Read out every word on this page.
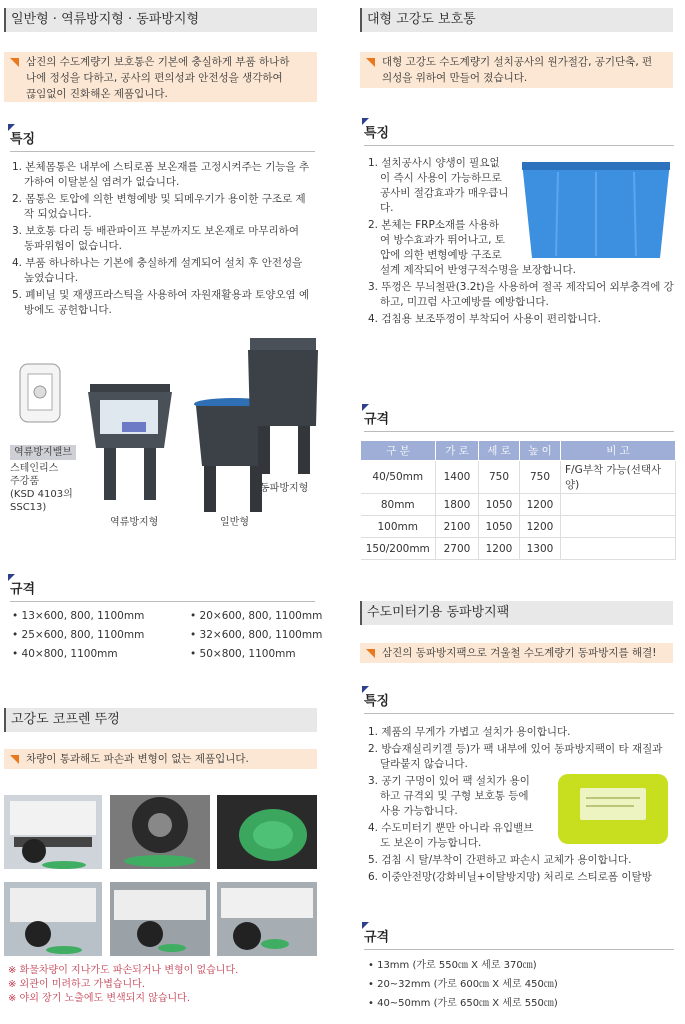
일반형 · 역류방지형 · 동파방지형
삼진의 수도계량기 보호통은 기본에 충실하게 부품 하나하
나에 정성을 다하고, 공사의 편의성과 안전성을 생각하여
끊임없이 진화해온 제품입니다.
특징
1. 본체몸통은 내부에 스티로폼 보온재를 고정시켜주는 기능을 추
가하여 이탈분실 염려가 없습니다.
2. 몸통은 토압에 의한 변형예방 및 되메우기가 용이한 구조로 제
작 되었습니다.
3. 보호통 다리 등 배관파이프 부분까지도 보온재로 마무리하여
동파위험이 없습니다.
4. 부품 하나하나는 기본에 충실하게 설계되어 설치 후 안전성을
높였습니다.
5. 폐비닐 및 재생프라스틱을 사용하여 자원재활용과 토양오염 예
방에도 공헌합니다.
역류방지밸브
스테인리스
주강품
(KSD 4103의
SSC13)
역류방지형	일반형
동파방지형
규격
• 13×600, 800, 1100mm
• 25×600, 800, 1100mm
• 40×800, 1100mm
• 20×600, 800, 1100mm
• 32×600, 800, 1100mm
• 50×800, 1100mm
고강도 코프렌 뚜껑
차량이 통과해도 파손과 변형이 없는 제품입니다.
※ 화물차량이 지나가도 파손되거나 변형이 없습니다.
※ 외관이 미려하고 가볍습니다.
※ 야외 장기 노출에도 변색되지 않습니다.
대형 고강도 보호통
대형 고강도 수도계량기 설치공사의 원가절감, 공기단축, 편
의성을 위하여 만들어 졌습니다.
특징
1. 설치공사시 양생이 필요없
이 즉시 사용이 가능하므로
공사비 절감효과가 매우큽니
다.
2. 본체는 FRP소재를 사용하
여 방수효과가 뛰어나고, 토
압에 의한 변형예방 구조로
설계 제작되어 반영구적수명을 보장합니다.
3. 뚜껑은 무늬철판(3.2t)을 사용하여 절곡 제작되어 외부충격에 강
하고, 미끄럼 사고예방를 예방합니다.
4. 검침용 보조뚜껑이 부착되어 사용이 편리합니다.
규격
구 분	가 로	세 로	높 이	비 고
40/50mm	1400	750	750	F/G부착 가능(선택사양)
80mm	1800	1050	1200	
100mm	2100	1050	1200	
150/200mm	2700	1200	1300	
수도미터기용 동파방지팩
삼진의 동파방지팩으로 겨울철 수도계량기 동파방지를 해결!
특징
1. 제품의 무게가 가볍고 설치가 용이합니다.
2. 방습재실리키겔 등)가 팩 내부에 있어 동파방지팩이 타 재질과
달라붙지 않습니다.
3. 공기 구멍이 있어 팩 설치가 용이
하고 규격외 및 구형 보호통 등에
사용 가능합니다.
4. 수도미터기 뿐만 아니라 유입밸브
도 보온이 가능합니다.
5. 검침 시 탈/부착이 간편하고 파손시 교체가 용이합니다.
6. 이중안전망(강화비닐+이탈방지망) 처리로 스티로폼 이탈방
규격
• 13mm (가로 550㎝ X 세로 370㎝)
• 20~32mm (가로 600㎝ X 세로 450㎝)
• 40~50mm (가로 650㎝ X 세로 550㎝)
